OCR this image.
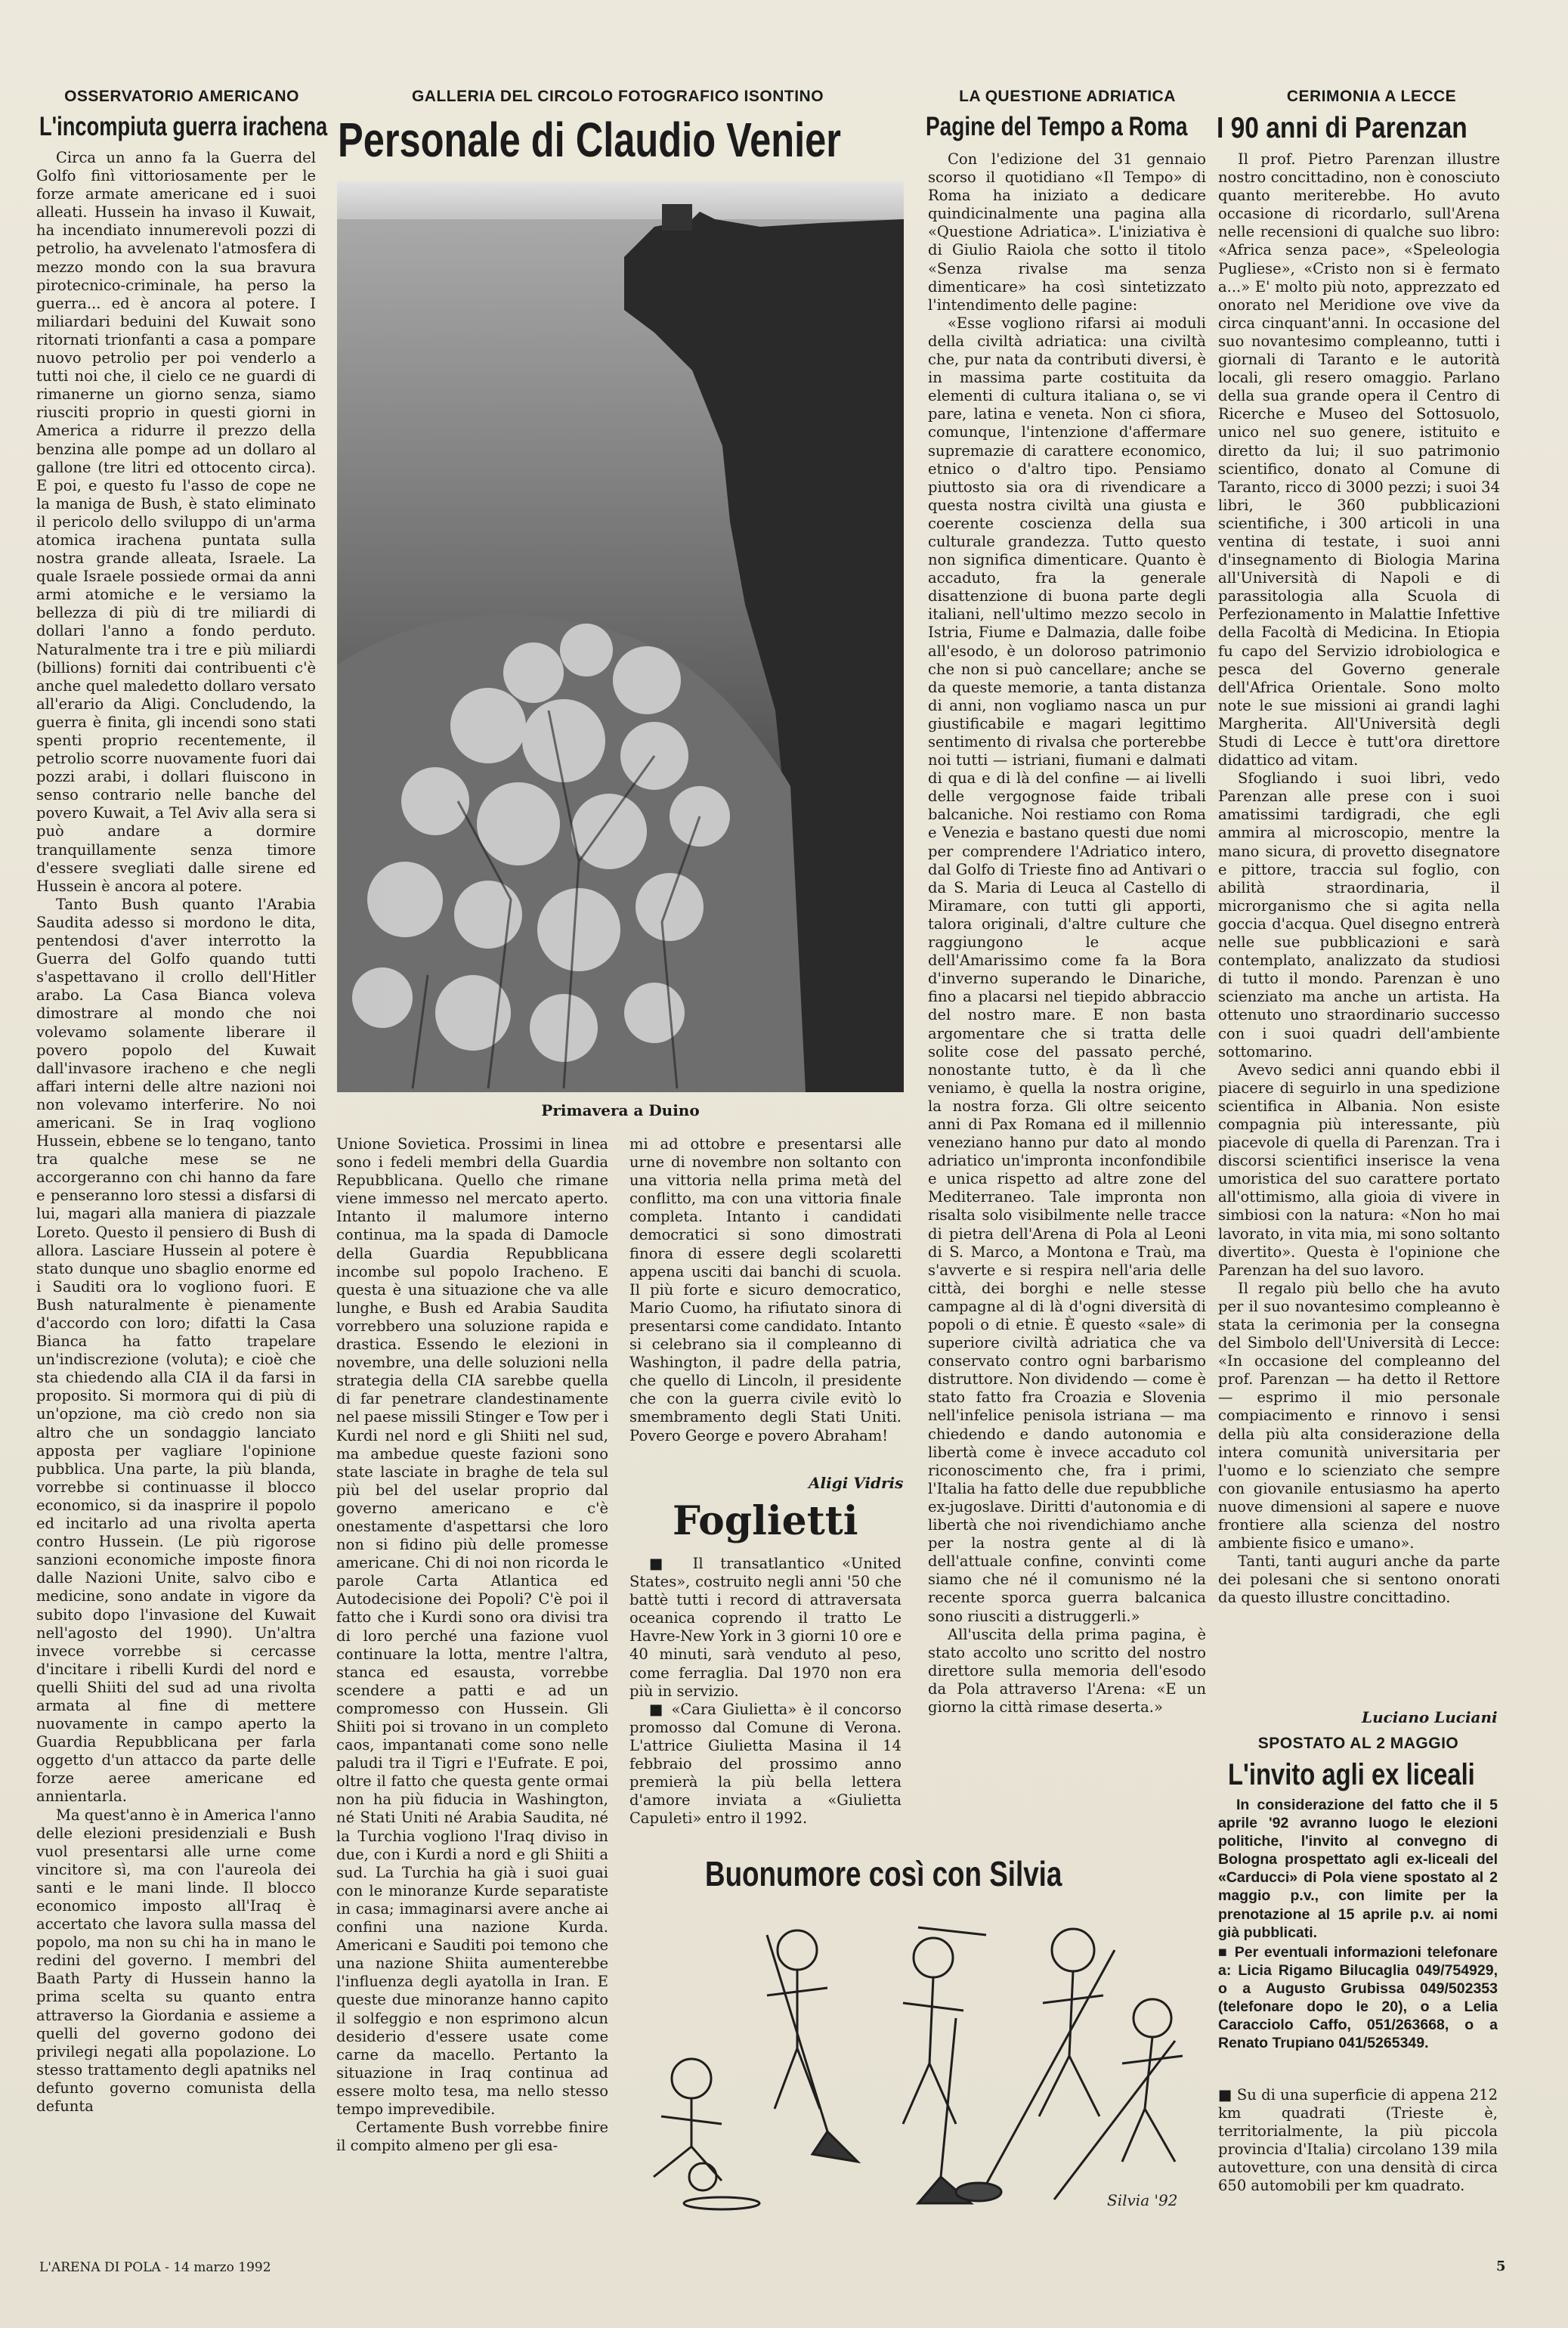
OSSERVATORIO AMERICANO
L'incompiuta guerra irachena

Circa un anno fa la Guerra del Golfo finì vittoriosamente per le forze armate americane ed i suoi alleati. Hussein ha invaso il Kuwait, ha incendiato innumerevoli pozzi di petrolio, ha avvelenato l'atmosfera di mezzo mondo con la sua bravura pirotecnico-criminale, ha perso la guerra... ed è ancora al potere. I miliardari beduini del Kuwait sono ritornati trionfanti a casa a pompare nuovo petrolio per poi venderlo a tutti noi che, il cielo ce ne guardi di rimanerne un giorno senza, siamo riusciti proprio in questi giorni in America a ridurre il prezzo della benzina alle pompe ad un dollaro al gallone (tre litri ed ottocento circa). E poi, e questo fu l'asso de cope ne la maniga de Bush, è stato eliminato il pericolo dello sviluppo di un'arma atomica irachena puntata sulla nostra grande alleata, Israele. La quale Israele possiede ormai da anni armi atomiche e le versiamo la bellezza di più di tre miliardi di dollari l'anno a fondo perduto. Naturalmente tra i tre e più miliardi (billions) forniti dai contribuenti c'è anche quel maledetto dollaro versato all'erario da Aligi. Concludendo, la guerra è finita, gli incendi sono stati spenti proprio recentemente, il petrolio scorre nuovamente fuori dai pozzi arabi, i dollari fluiscono in senso contrario nelle banche del povero Kuwait, a Tel Aviv alla sera si può andare a dormire tranquillamente senza timore d'essere svegliati dalle sirene ed Hussein è ancora al potere.

Tanto Bush quanto l'Arabia Saudita adesso si mordono le dita, pentendosi d'aver interrotto la Guerra del Golfo quando tutti s'aspettavano il crollo dell'Hitler arabo. La Casa Bianca voleva dimostrare al mondo che noi volevamo solamente liberare il povero popolo del Kuwait dall'invasore iracheno e che negli affari interni delle altre nazioni noi non volevamo interferire. No noi americani. Se in Iraq vogliono Hussein, ebbene se lo tengano, tanto tra qualche mese se ne accorgeranno con chi hanno da fare e penseranno loro stessi a disfarsi di lui, magari alla maniera di piazzale Loreto. Questo il pensiero di Bush di allora. Lasciare Hussein al potere è stato dunque uno sbaglio enorme ed i Sauditi ora lo vogliono fuori. E Bush naturalmente è pienamente d'accordo con loro; difatti la Casa Bianca ha fatto trapelare un'indiscrezione (voluta); e cioè che sta chiedendo alla CIA il da farsi in proposito. Si mormora qui di più di un'opzione, ma ciò credo non sia altro che un sondaggio lanciato apposta per vagliare l'opinione pubblica. Una parte, la più blanda, vorrebbe si continuasse il blocco economico, si da inasprire il popolo ed incitarlo ad una rivolta aperta contro Hussein. (Le più rigorose sanzioni economiche imposte finora dalle Nazioni Unite, salvo cibo e medicine, sono andate in vigore da subito dopo l'invasione del Kuwait nell'agosto del 1990). Un'altra invece vorrebbe si cercasse d'incitare i ribelli Kurdi del nord e quelli Shiiti del sud ad una rivolta armata al fine di mettere nuovamente in campo aperto la Guardia Repubblicana per farla oggetto d'un attacco da parte delle forze aeree americane ed annientarla.

Ma quest'anno è in America l'anno delle elezioni presidenziali e Bush vuol presentarsi alle urne come vincitore sì, ma con l'aureola dei santi e le mani linde. Il blocco economico imposto all'Iraq è accertato che lavora sulla massa del popolo, ma non su chi ha in mano le redini del governo. I membri del Baath Party di Hussein hanno la prima scelta su quanto entra attraverso la Giordania e assieme a quelli del governo godono dei privilegi negati alla popolazione. Lo stesso trattamento degli apatniks nel defunto governo comunista della defunta

GALLERIA DEL CIRCOLO FOTOGRAFICO ISONTINO
Personale di Claudio Venier
Primavera a Duino

Unione Sovietica. Prossimi in linea sono i fedeli membri della Guardia Repubblicana. Quello che rimane viene immesso nel mercato aperto. Intanto il malumore interno continua, ma la spada di Damocle della Guardia Repubblicana incombe sul popolo Iracheno. E questa è una situazione che va alle lunghe, e Bush ed Arabia Saudita vorrebbero una soluzione rapida e drastica. Essendo le elezioni in novembre, una delle soluzioni nella strategia della CIA sarebbe quella di far penetrare clandestinamente nel paese missili Stinger e Tow per i Kurdi nel nord e gli Shiiti nel sud, ma ambedue queste fazioni sono state lasciate in braghe de tela sul più bel del uselar proprio dal governo americano e c'è onestamente d'aspettarsi che loro non si fidino più delle promesse americane. Chi di noi non ricorda le parole Carta Atlantica ed Autodecisione dei Popoli? C'è poi il fatto che i Kurdi sono ora divisi tra di loro perché una fazione vuol continuare la lotta, mentre l'altra, stanca ed esausta, vorrebbe scendere a patti e ad un compromesso con Hussein. Gli Shiiti poi si trovano in un completo caos, impantanati come sono nelle paludi tra il Tigri e l'Eufrate. E poi, oltre il fatto che questa gente ormai non ha più fiducia in Washington, né Stati Uniti né Arabia Saudita, né la Turchia vogliono l'Iraq diviso in due, con i Kurdi a nord e gli Shiiti a sud. La Turchia ha già i suoi guai con le minoranze Kurde separatiste in casa; immaginarsi avere anche ai confini una nazione Kurda. Americani e Sauditi poi temono che una nazione Shiita aumenterebbe l'influenza degli ayatolla in Iran. E queste due minoranze hanno capito il solfeggio e non esprimono alcun desiderio d'essere usate come carne da macello. Pertanto la situazione in Iraq continua ad essere molto tesa, ma nello stesso tempo imprevedibile.

Certamente Bush vorrebbe finire il compito almeno per gli esa-

mi ad ottobre e presentarsi alle urne di novembre non soltanto con una vittoria nella prima metà del conflitto, ma con una vittoria finale completa. Intanto i candidati democratici si sono dimostrati finora di essere degli scolaretti appena usciti dai banchi di scuola. Il più forte e sicuro democratico, Mario Cuomo, ha rifiutato sinora di presentarsi come candidato. Intanto si celebrano sia il compleanno di Washington, il padre della patria, che quello di Lincoln, il presidente che con la guerra civile evitò lo smembramento degli Stati Uniti. Povero George e povero Abraham!

Aligi Vidris
Foglietti

■ Il transatlantico «United States», costruito negli anni '50 che battè tutti i record di attraversata oceanica coprendo il tratto Le Havre-New York in 3 giorni 10 ore e 40 minuti, sarà venduto al peso, come ferraglia. Dal 1970 non era più in servizio.

■ «Cara Giulietta» è il concorso promosso dal Comune di Verona. L'attrice Giulietta Masina il 14 febbraio del prossimo anno premierà la più bella lettera d'amore inviata a «Giulietta Capuleti» entro il 1992.

LA QUESTIONE ADRIATICA
Pagine del Tempo a Roma

Con l'edizione del 31 gennaio scorso il quotidiano «Il Tempo» di Roma ha iniziato a dedicare quindicinalmente una pagina alla «Questione Adriatica». L'iniziativa è di Giulio Raiola che sotto il titolo «Senza rivalse ma senza dimenticare» ha così sintetizzato l'intendimento delle pagine:

«Esse vogliono rifarsi ai moduli della civiltà adriatica: una civiltà che, pur nata da contributi diversi, è in massima parte costituita da elementi di cultura italiana o, se vi pare, latina e veneta. Non ci sfiora, comunque, l'intenzione d'affermare supremazie di carattere economico, etnico o d'altro tipo. Pensiamo piuttosto sia ora di rivendicare a questa nostra civiltà una giusta e coerente coscienza della sua culturale grandezza. Tutto questo non significa dimenticare. Quanto è accaduto, fra la generale disattenzione di buona parte degli italiani, nell'ultimo mezzo secolo in Istria, Fiume e Dalmazia, dalle foibe all'esodo, è un doloroso patrimonio che non si può cancellare; anche se da queste memorie, a tanta distanza di anni, non vogliamo nasca un pur giustificabile e magari legittimo sentimento di rivalsa che porterebbe noi tutti — istriani, fiumani e dalmati di qua e di là del confine — ai livelli delle vergognose faide tribali balcaniche. Noi restiamo con Roma e Venezia e bastano questi due nomi per comprendere l'Adriatico intero, dal Golfo di Trieste fino ad Antivari o da S. Maria di Leuca al Castello di Miramare, con tutti gli apporti, talora originali, d'altre culture che raggiungono le acque dell'Amarissimo come fa la Bora d'inverno superando le Dinariche, fino a placarsi nel tiepido abbraccio del nostro mare. E non basta argomentare che si tratta delle solite cose del passato perché, nonostante tutto, è da lì che veniamo, è quella la nostra origine, la nostra forza. Gli oltre seicento anni di Pax Romana ed il millennio veneziano hanno pur dato al mondo adriatico un'impronta inconfondibile e unica rispetto ad altre zone del Mediterraneo. Tale impronta non risalta solo visibilmente nelle tracce di pietra dell'Arena di Pola al Leoni di S. Marco, a Montona e Traù, ma s'avverte e si respira nell'aria delle città, dei borghi e nelle stesse campagne al di là d'ogni diversità di popoli o di etnie. È questo «sale» di superiore civiltà adriatica che va conservato contro ogni barbarismo distruttore. Non dividendo — come è stato fatto fra Croazia e Slovenia nell'infelice penisola istriana — ma chiedendo e dando autonomia e libertà come è invece accaduto col riconoscimento che, fra i primi, l'Italia ha fatto delle due repubbliche ex-jugoslave. Diritti d'autonomia e di libertà che noi rivendichiamo anche per la nostra gente al di là dell'attuale confine, convinti come siamo che né il comunismo né la recente sporca guerra balcanica sono riusciti a distruggerli.»

All'uscita della prima pagina, è stato accolto uno scritto del nostro direttore sulla memoria dell'esodo da Pola attraverso l'Arena: «E un giorno la città rimase deserta.»

Buonumore così con Silvia
Silvia '92
CERIMONIA A LECCE
I 90 anni di Parenzan

Il prof. Pietro Parenzan illustre nostro concittadino, non è conosciuto quanto meriterebbe. Ho avuto occasione di ricordarlo, sull'Arena nelle recensioni di qualche suo libro: «Africa senza pace», «Speleologia Pugliese», «Cristo non si è fermato a...» E' molto più noto, apprezzato ed onorato nel Meridione ove vive da circa cinquant'anni. In occasione del suo novantesimo compleanno, tutti i giornali di Taranto e le autorità locali, gli resero omaggio. Parlano della sua grande opera il Centro di Ricerche e Museo del Sottosuolo, unico nel suo genere, istituito e diretto da lui; il suo patrimonio scientifico, donato al Comune di Taranto, ricco di 3000 pezzi; i suoi 34 libri, le 360 pubblicazioni scientifiche, i 300 articoli in una ventina di testate, i suoi anni d'insegnamento di Biologia Marina all'Università di Napoli e di parassitologia alla Scuola di Perfezionamento in Malattie Infettive della Facoltà di Medicina. In Etiopia fu capo del Servizio idrobiologica e pesca del Governo generale dell'Africa Orientale. Sono molto note le sue missioni ai grandi laghi Margherita. All'Università degli Studi di Lecce è tutt'ora direttore didattico ad vitam.

Sfogliando i suoi libri, vedo Parenzan alle prese con i suoi amatissimi tardigradi, che egli ammira al microscopio, mentre la mano sicura, di provetto disegnatore e pittore, traccia sul foglio, con abilità straordinaria, il microrganismo che si agita nella goccia d'acqua. Quel disegno entrerà nelle sue pubblicazioni e sarà contemplato, analizzato da studiosi di tutto il mondo. Parenzan è uno scienziato ma anche un artista. Ha ottenuto uno straordinario successo con i suoi quadri dell'ambiente sottomarino.

Avevo sedici anni quando ebbi il piacere di seguirlo in una spedizione scientifica in Albania. Non esiste compagnia più interessante, più piacevole di quella di Parenzan. Tra i discorsi scientifici inserisce la vena umoristica del suo carattere portato all'ottimismo, alla gioia di vivere in simbiosi con la natura: «Non ho mai lavorato, in vita mia, mi sono soltanto divertito». Questa è l'opinione che Parenzan ha del suo lavoro.

Il regalo più bello che ha avuto per il suo novantesimo compleanno è stata la cerimonia per la consegna del Simbolo dell'Università di Lecce: «In occasione del compleanno del prof. Parenzan — ha detto il Rettore — esprimo il mio personale compiacimento e rinnovo i sensi della più alta considerazione della intera comunità universitaria per l'uomo e lo scienziato che sempre con giovanile entusiasmo ha aperto nuove dimensioni al sapere e nuove frontiere alla scienza del nostro ambiente fisico e umano».

Tanti, tanti auguri anche da parte dei polesani che si sentono onorati da questo illustre concittadino.

Luciano Luciani
SPOSTATO AL 2 MAGGIO
L'invito agli ex liceali

In considerazione del fatto che il 5 aprile '92 avranno luogo le elezioni politiche, l'invito al convegno di Bologna prospettato agli ex-liceali del «Carducci» di Pola viene spostato al 2 maggio p.v., con limite per la prenotazione al 15 aprile p.v. ai nomi già pubblicati.

■ Per eventuali informazioni telefonare a: Licia Rigamo Bilucaglia 049/754929, o a Augusto Grubissa 049/502353 (telefonare dopo le 20), o a Lelia Caracciolo Caffo, 051/263668, o a Renato Trupiano 041/5265349.

■ Su di una superficie di appena 212 km quadrati (Trieste è, territorialmente, la più piccola provincia d'Italia) circolano 139 mila autovetture, con una densità di circa 650 automobili per km quadrato.

L'ARENA DI POLA - 14 marzo 1992	5
